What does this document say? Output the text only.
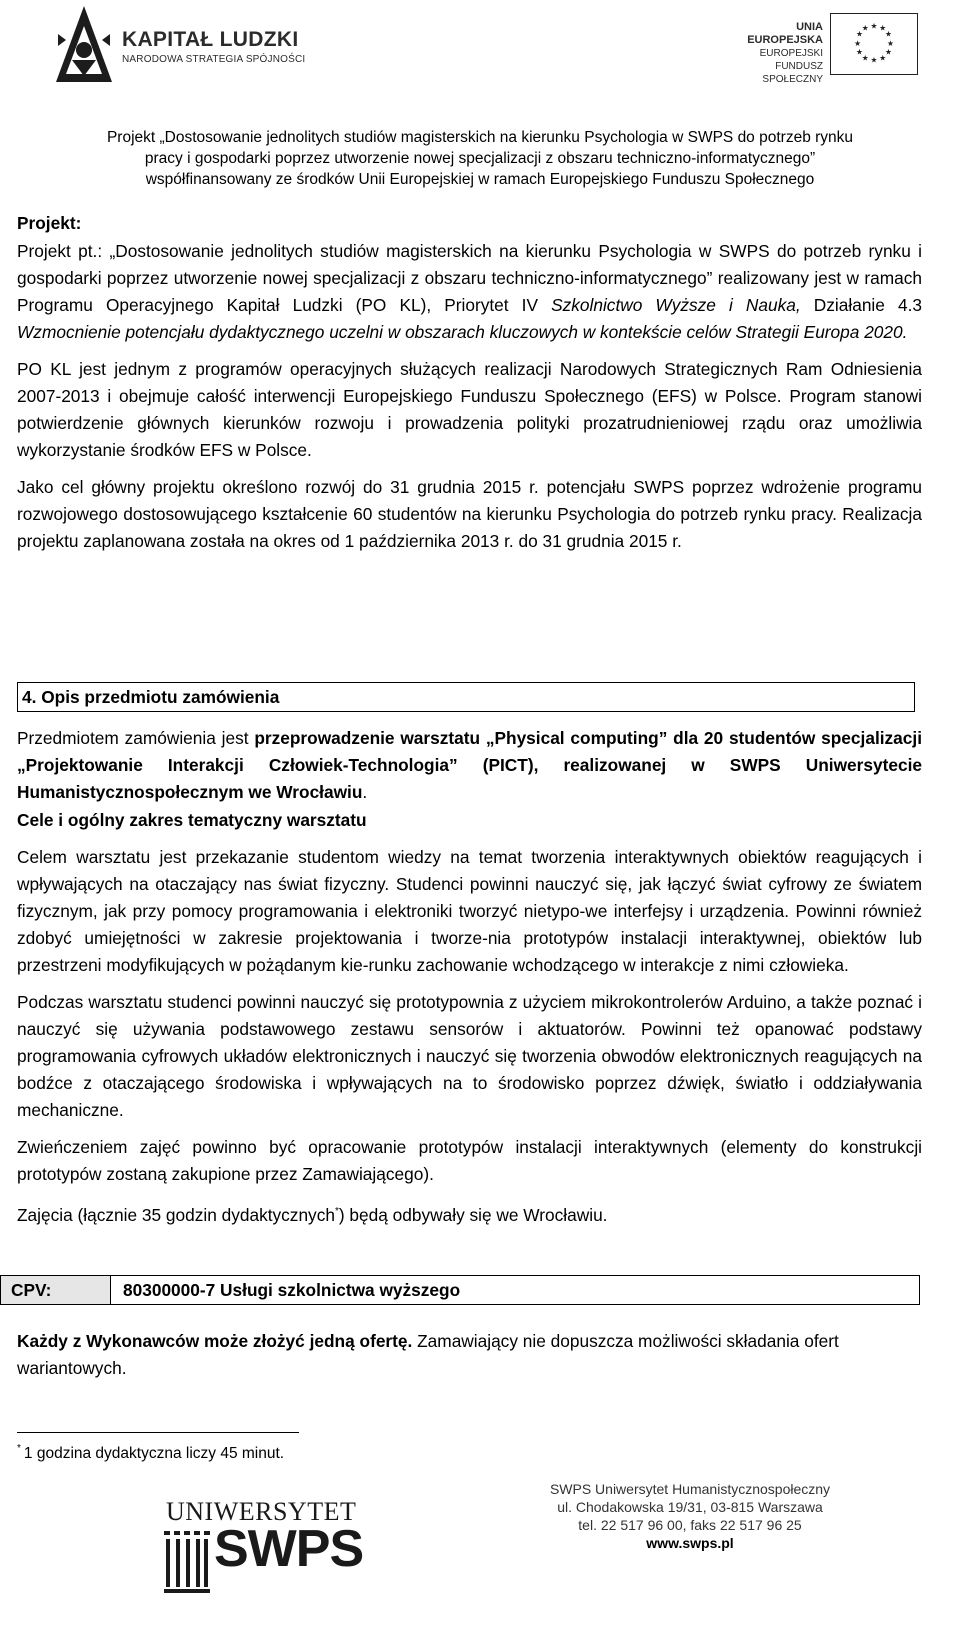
KAPITAŁ LUDZKI
NARODOWA STRATEGIA SPÓJNOŚCI
UNIA EUROPEJSKA
EUROPEJSKI
FUNDUSZ SPOŁECZNY
★ ★
★
★
★
★
★
★
★
★
★
★
Projekt „Dostosowanie jednolitych studiów magisterskich na kierunku Psychologia w SWPS do potrzeb rynku
pracy i gospodarki poprzez utworzenie nowej specjalizacji z obszaru techniczno-informatycznego”
współfinansowany ze środków Unii Europejskiej w ramach Europejskiego Funduszu Społecznego

Projekt:

Projekt pt.: „Dostosowanie jednolitych studiów magisterskich na kierunku Psychologia w SWPS do potrzeb rynku i gospodarki poprzez utworzenie nowej specjalizacji z obszaru techniczno-informatycznego” realizowany jest w ramach Programu Operacyjnego Kapitał Ludzki (PO KL), Priorytet IV Szkolnictwo Wyższe i Nauka, Działanie 4.3 Wzmocnienie potencjału dydaktycznego uczelni w obszarach kluczowych w kontekście celów Strategii Europa 2020.

PO KL jest jednym z programów operacyjnych służących realizacji Narodowych Strategicznych Ram Odniesienia 2007-2013 i obejmuje całość interwencji Europejskiego Funduszu Społecznego (EFS) w Polsce. Program stanowi potwierdzenie głównych kierunków rozwoju i prowadzenia polityki prozatrudnieniowej rządu oraz umożliwia wykorzystanie środków EFS w Polsce.

Jako cel główny projektu określono rozwój do 31 grudnia 2015 r. potencjału SWPS poprzez wdrożenie programu rozwojowego dostosowującego kształcenie 60 studentów na kierunku Psychologia do potrzeb rynku pracy. Realizacja projektu zaplanowana została na okres od 1 października 2013 r. do 31 grudnia 2015 r.

4. Opis przedmiotu zamówienia

Przedmiotem zamówienia jest przeprowadzenie warsztatu „Physical computing” dla 20 studentów specjalizacji „Projektowanie Interakcji Człowiek-Technologia” (PICT), realizowanej w SWPS Uniwersytecie Humanistycznospołecznym we Wrocławiu.

Cele i ogólny zakres tematyczny warsztatu

Celem warsztatu jest przekazanie studentom wiedzy na temat tworzenia interaktywnych obiektów reagujących i wpływających na otaczający nas świat fizyczny. Studenci powinni nauczyć się, jak łączyć świat cyfrowy ze światem fizycznym, jak przy pomocy programowania i elektroniki tworzyć nietypo-we interfejsy i urządzenia. Powinni również zdobyć umiejętności w zakresie projektowania i tworze-nia prototypów instalacji interaktywnej, obiektów lub przestrzeni modyfikujących w pożądanym kie-runku zachowanie wchodzącego w interakcje z nimi człowieka.

Podczas warsztatu studenci powinni nauczyć się prototypownia z użyciem mikrokontrolerów Arduino, a także poznać i nauczyć się używania podstawowego zestawu sensorów i aktuatorów. Powinni też opanować podstawy programowania cyfrowych układów elektronicznych i nauczyć się tworzenia obwodów elektronicznych reagujących na bodźce z otaczającego środowiska i wpływających na to środowisko poprzez dźwięk, światło i oddziaływania mechaniczne.

Zwieńczeniem zajęć powinno być opracowanie prototypów instalacji interaktywnych (elementy do konstrukcji prototypów zostaną zakupione przez Zamawiającego).

Zajęcia (łącznie 35 godzin dydaktycznych*) będą odbywały się we Wrocławiu.

CPV:	80300000-7 Usługi szkolnictwa wyższego

Każdy z Wykonawców może złożyć jedną ofertę. Zamawiający nie dopuszcza możliwości składania ofert wariantowych.

* 1 godzina dydaktyczna liczy 45 minut.
UNIWERSYTET
SWPS
SWPS Uniwersytet Humanistycznospołeczny
ul. Chodakowska 19/31, 03-815 Warszawa
tel. 22 517 96 00, faks 22 517 96 25
www.swps.pl
